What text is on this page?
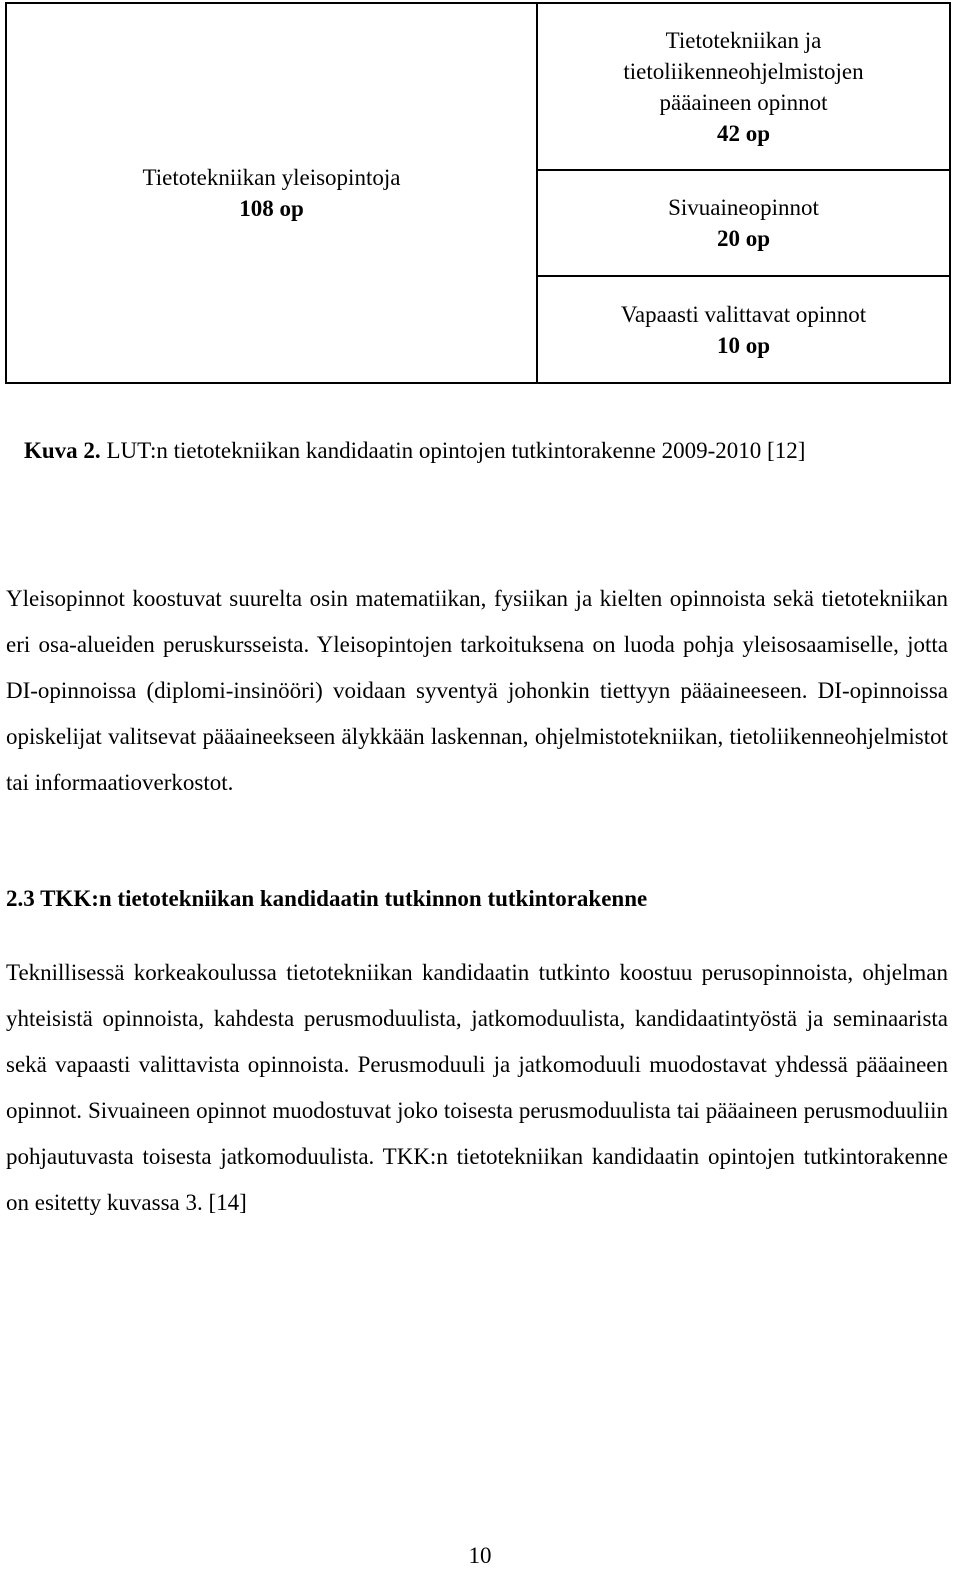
Tietotekniikan yleisopintoja
108 op
Tietotekniikan ja
tietoliikenneohjelmistojen
pääaineen opinnot
42 op
Sivuaineopinnot
20 op
Vapaasti valittavat opinnot
10 op
Kuva 2. LUT:n tietotekniikan kandidaatin opintojen tutkintorakenne 2009-2010 [12]

Yleisopinnot koostuvat suurelta osin matematiikan, fysiikan ja kielten opinnoista sekä tietotekniikan eri osa-alueiden peruskursseista. Yleisopintojen tarkoituksena on luoda pohja yleisosaamiselle, jotta DI-opinnoissa (diplomi-insinööri) voidaan syventyä johonkin tiettyyn pääaineeseen. DI-opinnoissa opiskelijat valitsevat pääaineekseen älykkään laskennan, ohjelmistotekniikan, tietoliikenneohjelmistot tai informaatioverkostot.

2.3 TKK:n tietotekniikan kandidaatin tutkinnon tutkintorakenne

Teknillisessä korkeakoulussa tietotekniikan kandidaatin tutkinto koostuu perusopinnoista, ohjelman yhteisistä opinnoista, kahdesta perusmoduulista, jatkomoduulista, kandidaatintyöstä ja seminaarista sekä vapaasti valittavista opinnoista. Perusmoduuli ja jatkomoduuli muodostavat yhdessä pääaineen opinnot. Sivuaineen opinnot muodostuvat joko toisesta perusmoduulista tai pääaineen perusmoduuliin pohjautuvasta toisesta jatkomoduulista. TKK:n tietotekniikan kandidaatin opintojen tutkintorakenne on esitetty kuvassa 3. [14]

10
